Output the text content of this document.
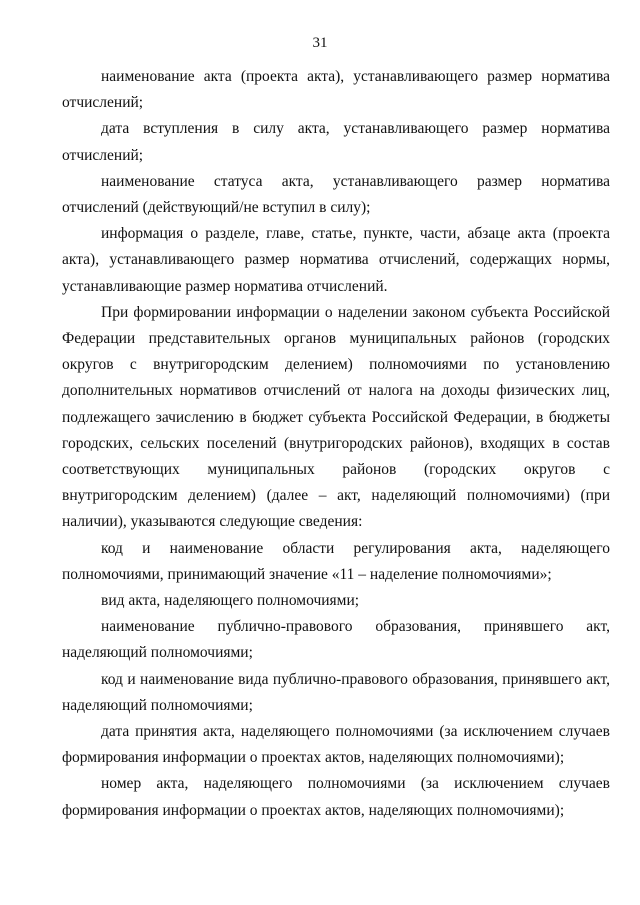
31

наименование акта (проекта акта), устанавливающего размер норматива отчислений;

дата вступления в силу акта, устанавливающего размер норматива отчислений;

наименование статуса акта, устанавливающего размер норматива отчислений (действующий/не вступил в силу);

информация о разделе, главе, статье, пункте, части, абзаце акта (проекта акта), устанавливающего размер норматива отчислений, содержащих нормы, устанавливающие размер норматива отчислений.

При формировании информации о наделении законом субъекта Российской Федерации представительных органов муниципальных районов (городских округов с внутригородским делением) полномочиями по установлению дополнительных нормативов отчислений от налога на доходы физических лиц, подлежащего зачислению в бюджет субъекта Российской Федерации, в бюджеты городских, сельских поселений (внутригородских районов), входящих в состав соответствующих муниципальных районов (городских округов с внутригородским делением) (далее – акт, наделяющий полномочиями) (при наличии), указываются следующие сведения:

код и наименование области регулирования акта, наделяющего полномочиями, принимающий значение «11 – наделение полномочиями»;

вид акта, наделяющего полномочиями;

наименование публично-правового образования, принявшего акт, наделяющий полномочиями;

код и наименование вида публично-правового образования, принявшего акт, наделяющий полномочиями;

дата принятия акта, наделяющего полномочиями (за исключением случаев формирования информации о проектах актов, наделяющих полномочиями);

номер акта, наделяющего полномочиями (за исключением случаев формирования информации о проектах актов, наделяющих полномочиями);
